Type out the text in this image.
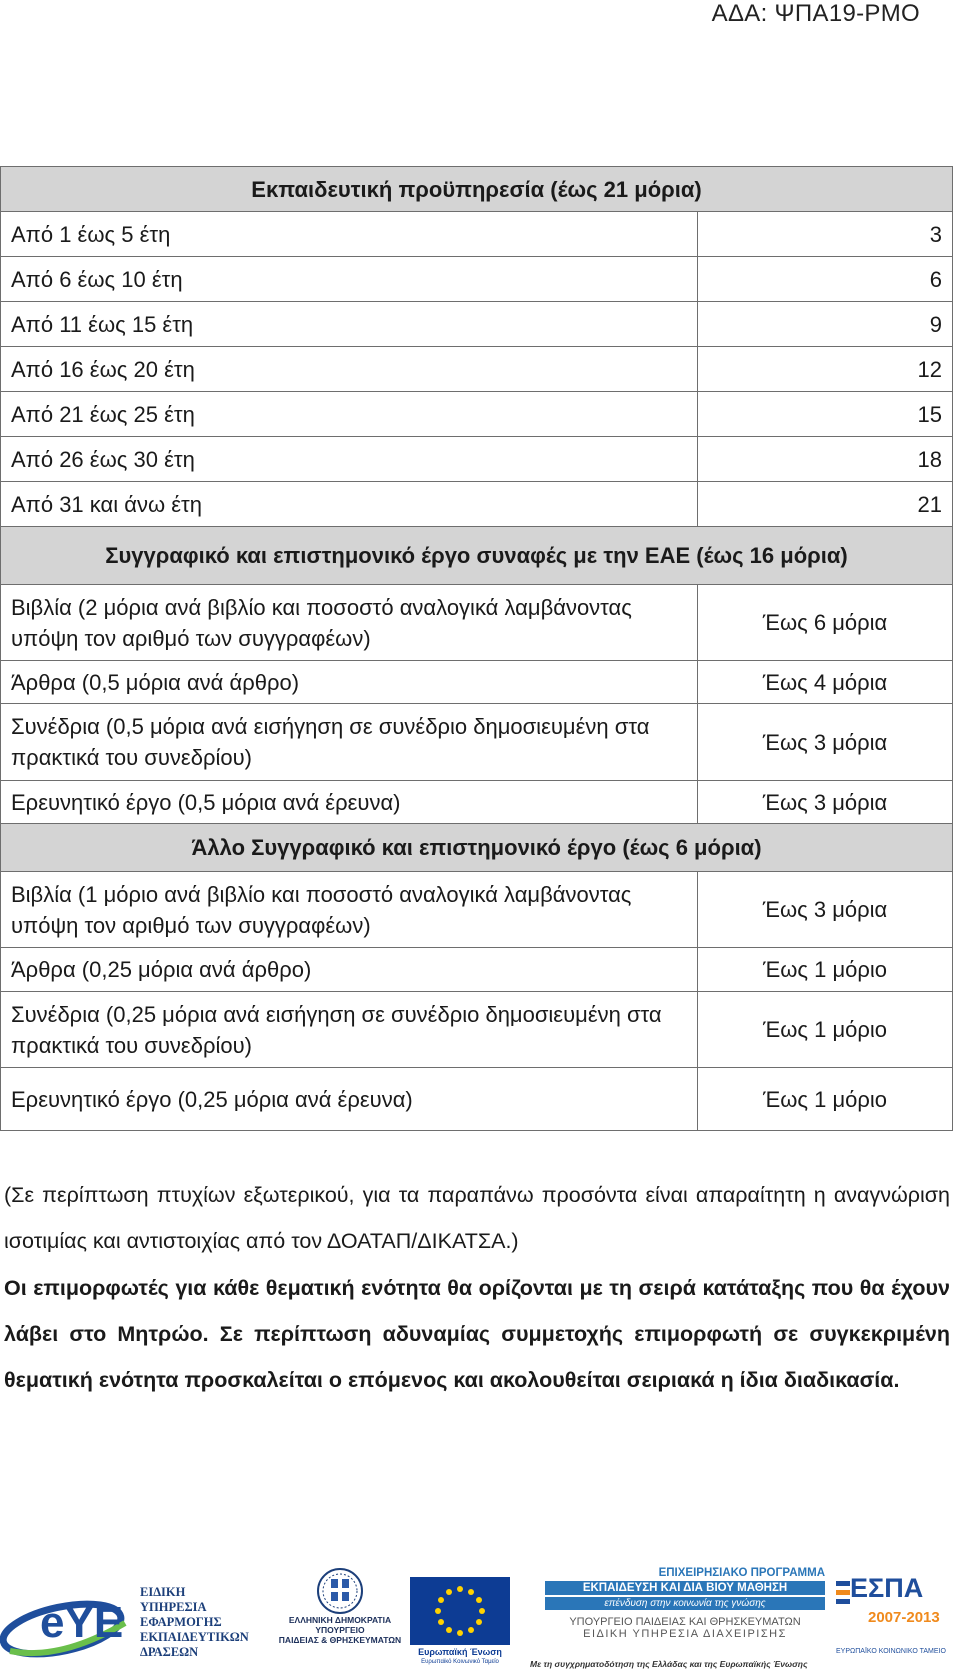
ΑΔΑ: ΨΠΑ19-ΡΜΟ
Εκπαιδευτική προϋπηρεσία (έως 21 μόρια)	
Από 1 έως 5 έτη	3
Από 6 έως 10 έτη	6
Από 11 έως 15 έτη	9
Από 16 έως 20 έτη	12
Από 21 έως 25 έτη	15
Από 26 έως 30 έτη	18
Από 31 και άνω έτη	21
Συγγραφικό και επιστημονικό έργο συναφές με την ΕΑΕ (έως 16 μόρια)	
Βιβλία (2 μόρια ανά βιβλίο και ποσοστό αναλογικά λαμβάνοντας υπόψη τον αριθμό των συγγραφέων)	Έως 6 μόρια
Άρθρα (0,5 μόρια ανά άρθρο)	Έως 4 μόρια
Συνέδρια (0,5 μόρια ανά εισήγηση σε συνέδριο δημοσιευμένη στα πρακτικά του συνεδρίου)	Έως 3 μόρια
Ερευνητικό έργο (0,5 μόρια ανά έρευνα)	Έως 3 μόρια
Άλλο Συγγραφικό και επιστημονικό έργο (έως 6 μόρια)	
Βιβλία (1 μόριο ανά βιβλίο και ποσοστό αναλογικά λαμβάνοντας υπόψη τον αριθμό των συγγραφέων)	Έως 3 μόρια
Άρθρα (0,25 μόρια ανά άρθρο)	Έως 1 μόριο
Συνέδρια (0,25 μόρια ανά εισήγηση σε συνέδριο δημοσιευμένη στα πρακτικά του συνεδρίου)	Έως 1 μόριο
Ερευνητικό έργο (0,25 μόρια ανά έρευνα)	Έως 1 μόριο

(Σε περίπτωση πτυχίων εξωτερικού, για τα παραπάνω προσόντα είναι απαραίτητη η αναγνώριση ισοτιμίας και αντιστοιχίας από τον ΔΟΑΤΑΠ/ΔΙΚΑΤΣΑ.)

Οι επιμορφωτές για κάθε θεματική ενότητα θα ορίζονται με τη σειρά κατάταξης που θα έχουν λάβει στο Μητρώο. Σε περίπτωση αδυναμίας συμμετοχής επιμορφωτή σε συγκεκριμένη θεματική ενότητα προσκαλείται ο επόμενος και ακολουθείται σειριακά η ίδια διαδικασία.

eYE
ΕΙΔΙΚΗ
ΥΠΗΡΕΣΙΑ
ΕΦΑΡΜΟΓΗΣ
ΕΚΠΑΙΔΕΥΤΙΚΩΝ
ΔΡΑΣΕΩΝ
ΕΛΛΗΝΙΚΗ ΔΗΜΟΚΡΑΤΙΑ
ΥΠΟΥΡΓΕΙΟ
ΠΑΙΔΕΙΑΣ & ΘΡΗΣΚΕΥΜΑΤΩΝ
Ευρωπαϊκή Ένωση
Ευρωπαϊκό Κοινωνικό Ταμείο
ΕΠΙΧΕΙΡΗΣΙΑΚΟ ΠΡΟΓΡΑΜΜΑ
ΕΚΠΑΙΔΕΥΣΗ ΚΑΙ ΔΙΑ ΒΙΟΥ ΜΑΘΗΣΗ
επένδυση στην κοινωνία της γνώσης
ΥΠΟΥΡΓΕΙΟ ΠΑΙΔΕΙΑΣ ΚΑΙ ΘΡΗΣΚΕΥΜΑΤΩΝ
ΕΙΔΙΚΗ ΥΠΗΡΕΣΙΑ ΔΙΑΧΕΙΡΙΣΗΣ
Με τη συγχρηματοδότηση της Ελλάδας και της Ευρωπαϊκής Ένωσης
ΕΣΠΑ
2007-2013
ΕΥΡΩΠΑΪΚΟ ΚΟΙΝΩΝΙΚΟ ΤΑΜΕΙΟ
